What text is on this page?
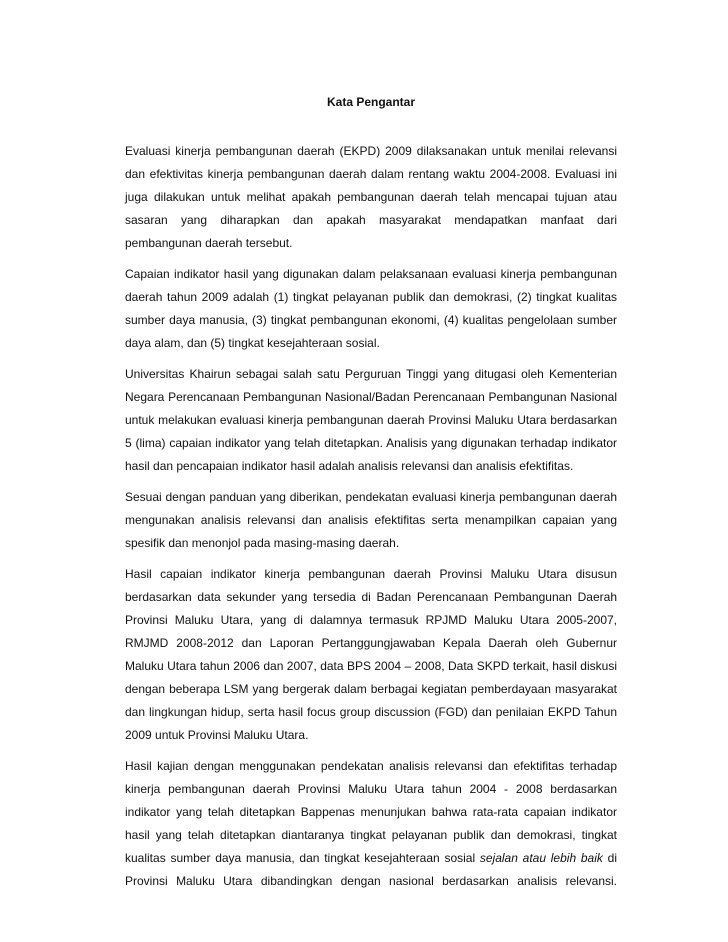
Kata Pengantar

Evaluasi kinerja pembangunan daerah (EKPD) 2009 dilaksanakan untuk menilai relevansi dan efektivitas kinerja pembangunan daerah dalam rentang waktu 2004-2008. Evaluasi ini juga dilakukan untuk melihat apakah pembangunan daerah telah mencapai tujuan atau sasaran yang diharapkan dan apakah masyarakat mendapatkan manfaat dari pembangunan daerah tersebut.

Capaian indikator hasil yang digunakan dalam pelaksanaan evaluasi kinerja pembangunan daerah tahun 2009 adalah (1) tingkat pelayanan publik dan demokrasi, (2) tingkat kualitas sumber daya manusia, (3) tingkat pembangunan ekonomi, (4) kualitas pengelolaan sumber daya alam, dan (5) tingkat kesejahteraan sosial.

Universitas Khairun sebagai salah satu Perguruan Tinggi yang ditugasi oleh Kementerian Negara Perencanaan Pembangunan Nasional/Badan Perencanaan Pembangunan Nasional untuk melakukan evaluasi kinerja pembangunan daerah Provinsi Maluku Utara berdasarkan 5 (lima) capaian indikator yang telah ditetapkan. Analisis yang digunakan terhadap indikator hasil dan pencapaian indikator hasil adalah analisis relevansi dan analisis efektifitas.

Sesuai dengan panduan yang diberikan, pendekatan evaluasi kinerja pembangunan daerah mengunakan analisis relevansi dan analisis efektifitas serta menampilkan capaian yang spesifik dan menonjol pada masing-masing daerah.

Hasil capaian indikator kinerja pembangunan daerah Provinsi Maluku Utara disusun berdasarkan data sekunder yang tersedia di Badan Perencanaan Pembangunan Daerah Provinsi Maluku Utara, yang di dalamnya termasuk RPJMD Maluku Utara 2005-2007, RMJMD 2008-2012 dan Laporan Pertanggungjawaban Kepala Daerah oleh Gubernur Maluku Utara tahun 2006 dan 2007, data BPS 2004 – 2008, Data SKPD terkait, hasil diskusi dengan beberapa LSM yang bergerak dalam berbagai kegiatan pemberdayaan masyarakat dan lingkungan hidup, serta hasil focus group discussion (FGD) dan penilaian EKPD Tahun 2009 untuk Provinsi Maluku Utara.

Hasil kajian dengan menggunakan pendekatan analisis relevansi dan efektifitas terhadap kinerja pembangunan daerah Provinsi Maluku Utara tahun 2004 - 2008 berdasarkan indikator yang telah ditetapkan Bappenas menunjukan bahwa rata-rata capaian indikator hasil yang telah ditetapkan diantaranya tingkat pelayanan publik dan demokrasi, tingkat kualitas sumber daya manusia, dan tingkat kesejahteraan sosial sejalan atau lebih baik di Provinsi Maluku Utara dibandingkan dengan nasional berdasarkan analisis relevansi.
